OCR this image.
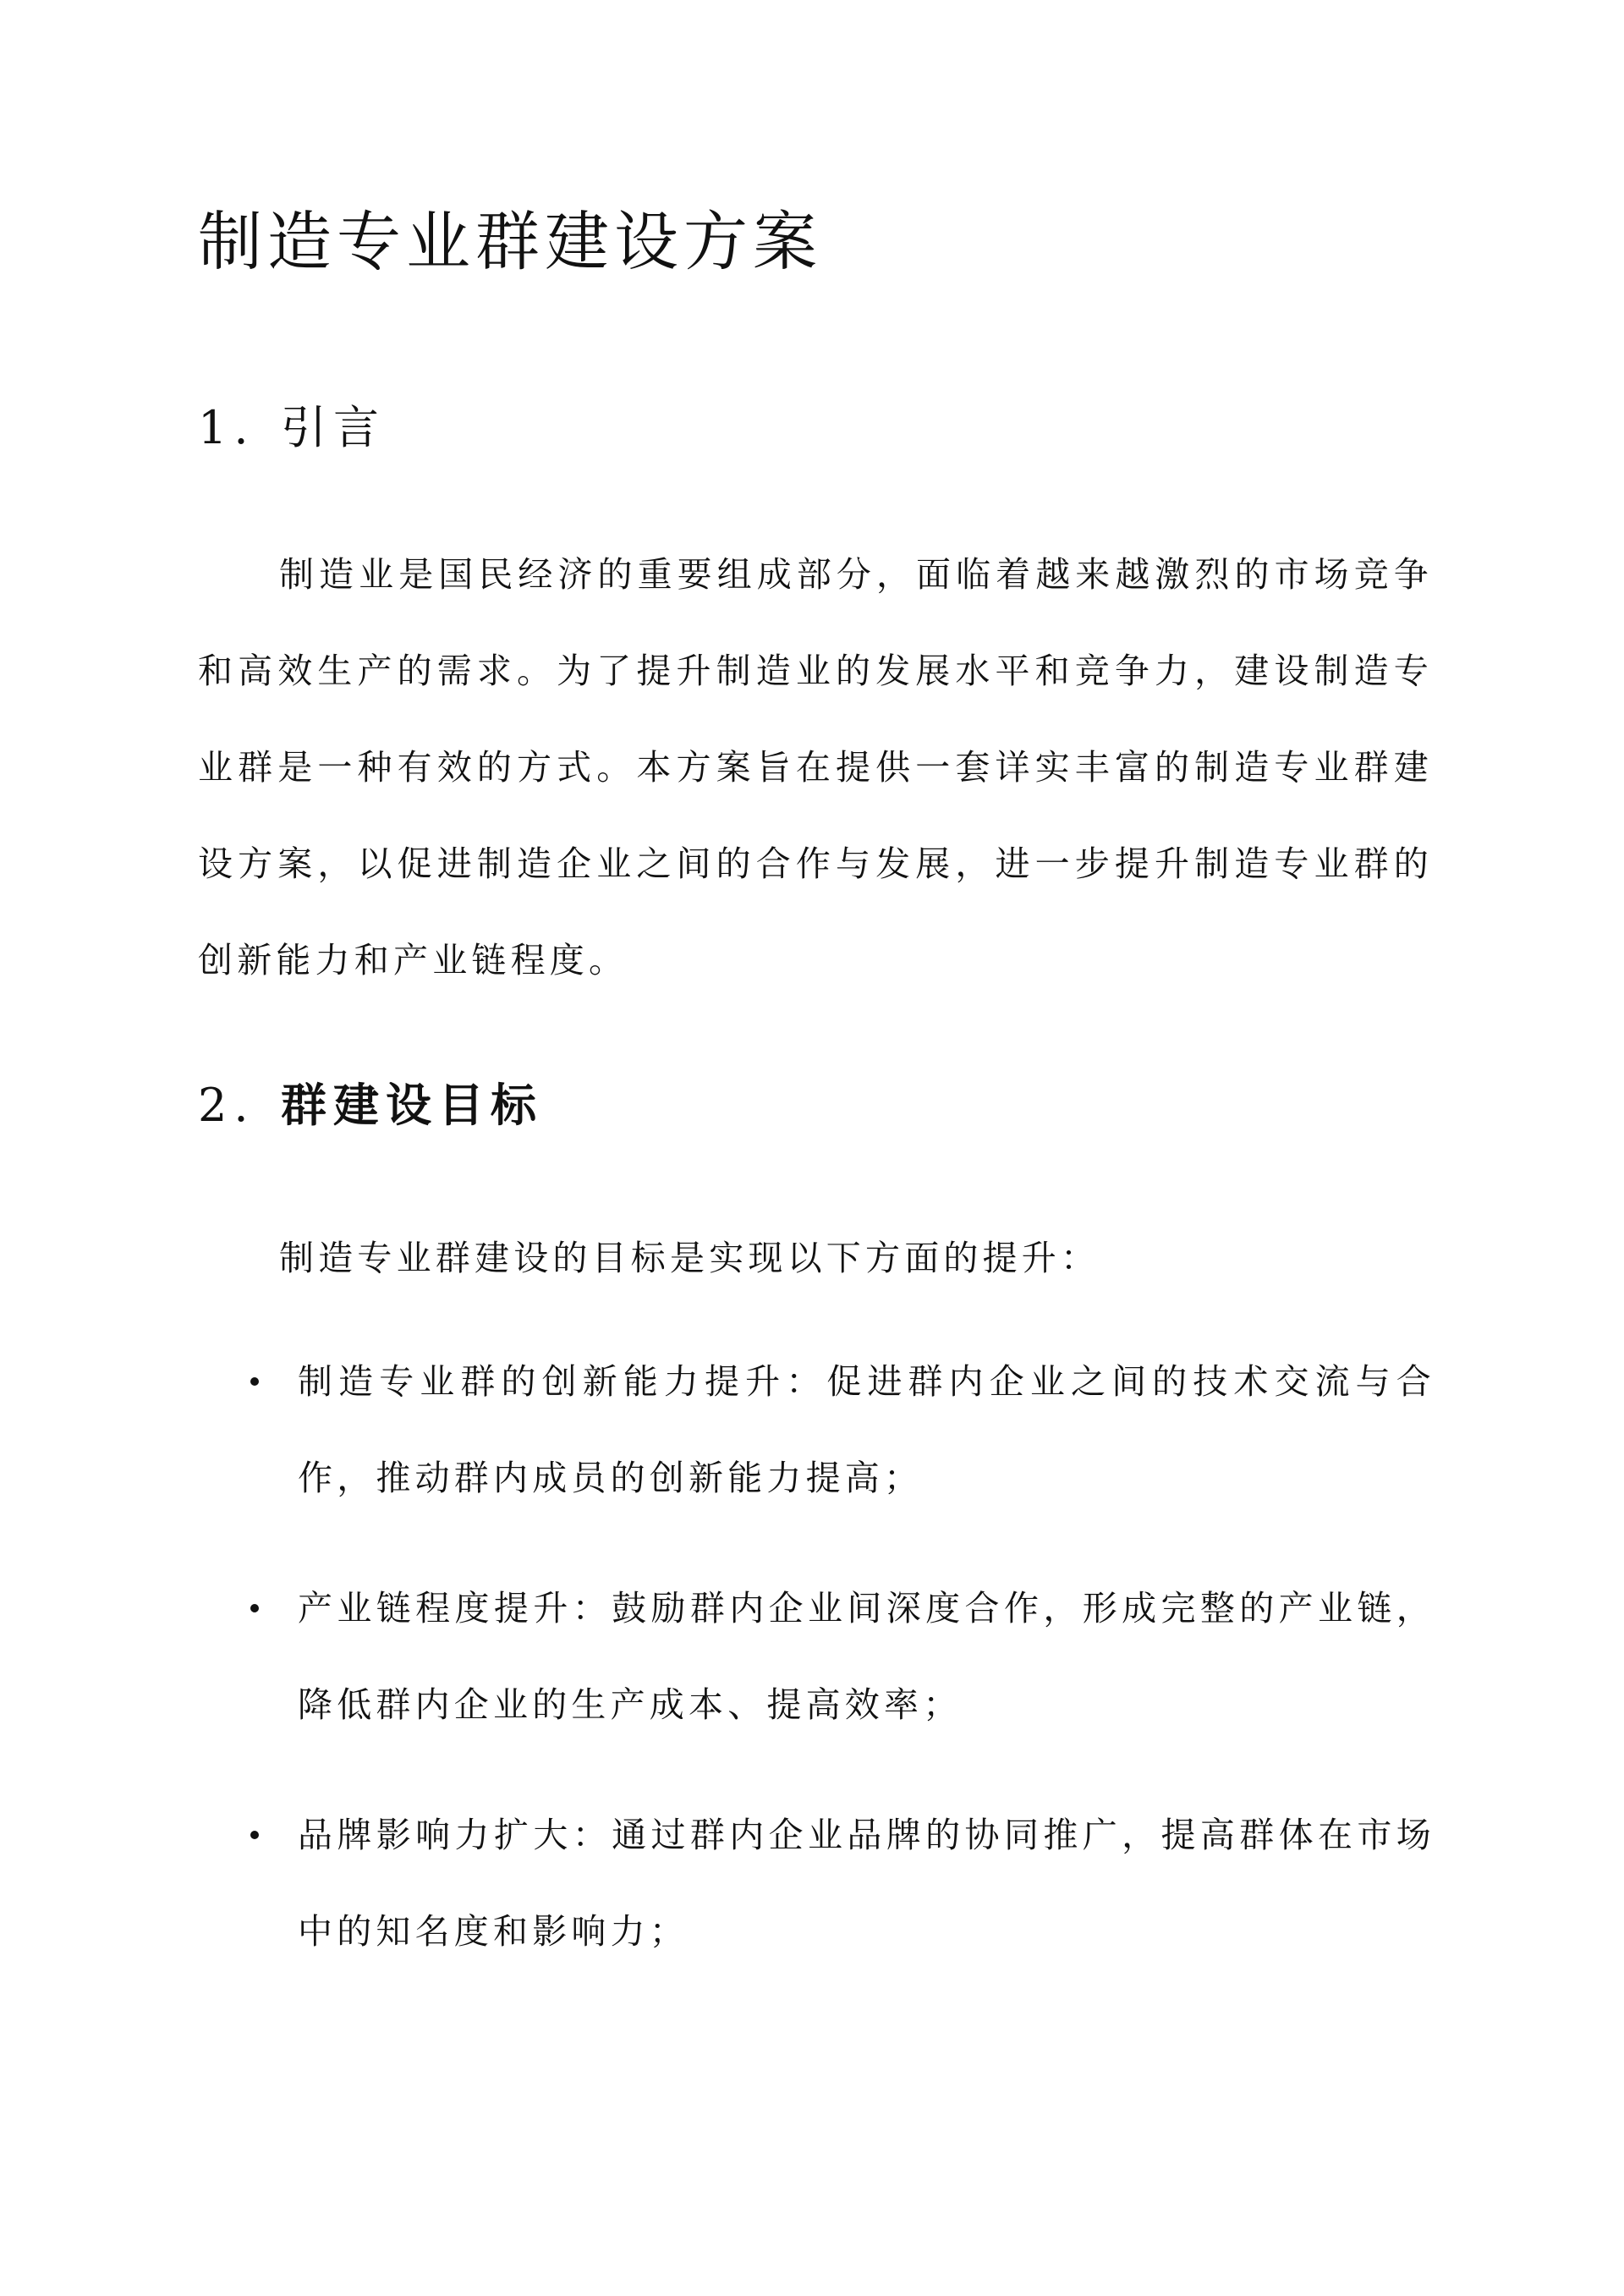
制造专业群建设方案
1. 引言

制造业是国民经济的重要组成部分，面临着越来越激烈的市场竞争和高效生产的需求。为了提升制造业的发展水平和竞争力，建设制造专业群是一种有效的方式。本方案旨在提供一套详实丰富的制造专业群建设方案，以促进制造企业之间的合作与发展，进一步提升制造专业群的创新能力和产业链程度。

2. 群建设目标

制造专业群建设的目标是实现以下方面的提升：

制造专业群的创新能力提升：促进群内企业之间的技术交流与合作，推动群内成员的创新能力提高；
产业链程度提升：鼓励群内企业间深度合作，形成完整的产业链，降低群内企业的生产成本、提高效率；
品牌影响力扩大：通过群内企业品牌的协同推广，提高群体在市场中的知名度和影响力；
